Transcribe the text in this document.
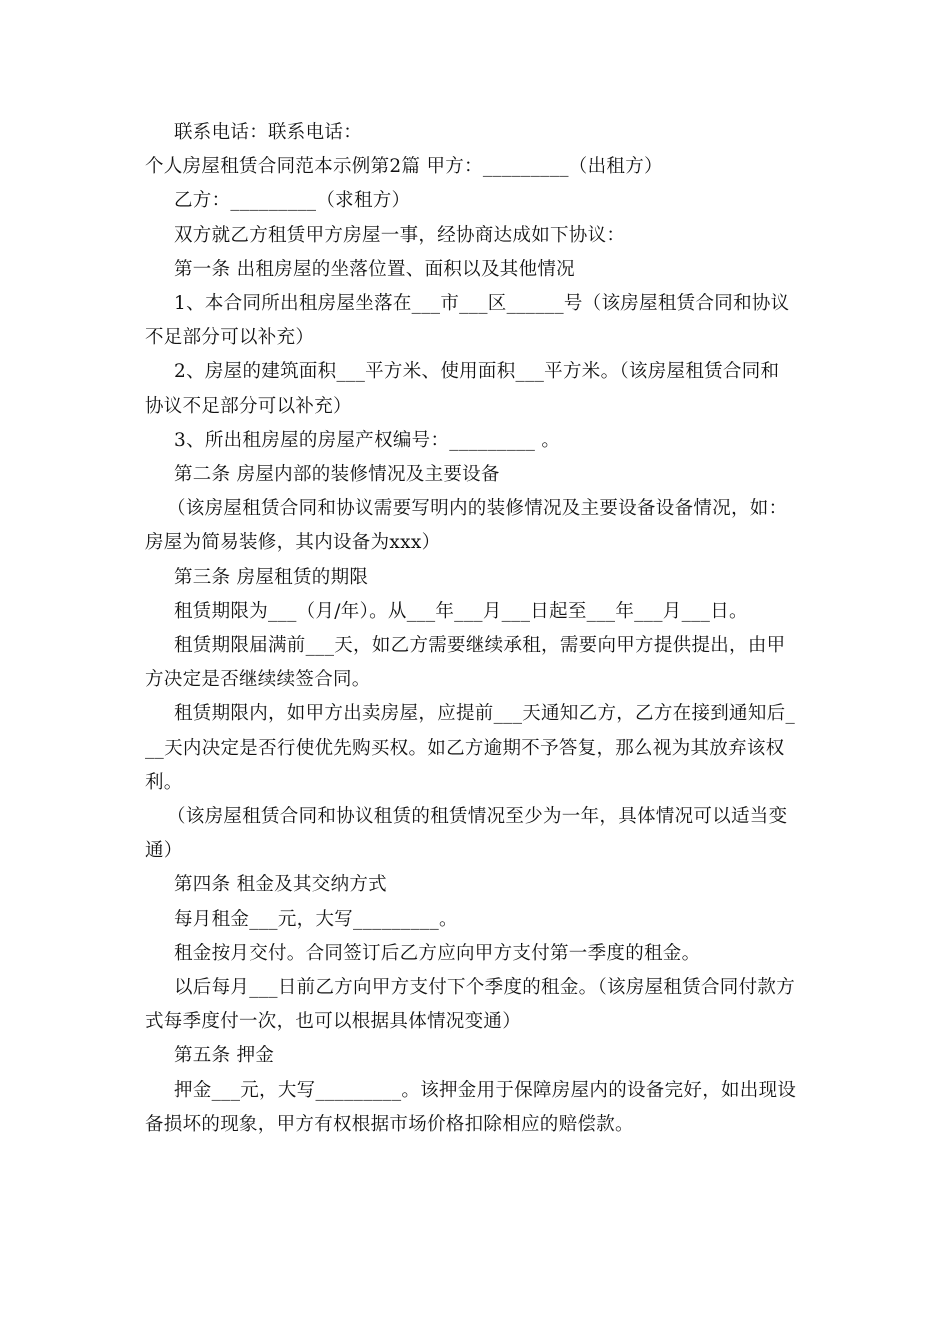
联系电话：联系电话：
个人房屋租赁合同范本示例第2篇 甲方：_________（出租方）
乙方：_________（求租方）
双方就乙方租赁甲方房屋一事，经协商达成如下协议：
第一条 出租房屋的坐落位置、面积以及其他情况
1、本合同所出租房屋坐落在___市___区______号（该房屋租赁合同和协议
不足部分可以补充）
2、房屋的建筑面积___平方米、使用面积___平方米。（该房屋租赁合同和
协议不足部分可以补充）
3、所出租房屋的房屋产权编号：_________ 。
第二条 房屋内部的装修情况及主要设备
（该房屋租赁合同和协议需要写明内的装修情况及主要设备设备情况，如：
房屋为简易装修，其内设备为xxx）
第三条 房屋租赁的期限
租赁期限为___（月/年）。从___年___月___日起至___年___月___日。
租赁期限届满前___天，如乙方需要继续承租，需要向甲方提供提出，由甲
方决定是否继续续签合同。
租赁期限内，如甲方出卖房屋，应提前___天通知乙方，乙方在接到通知后_
__天内决定是否行使优先购买权。如乙方逾期不予答复，那么视为其放弃该权
利。
（该房屋租赁合同和协议租赁的租赁情况至少为一年，具体情况可以适当变
通）
第四条 租金及其交纳方式
每月租金___元，大写_________。
租金按月交付。合同签订后乙方应向甲方支付第一季度的租金。
以后每月___日前乙方向甲方支付下个季度的租金。（该房屋租赁合同付款方
式每季度付一次，也可以根据具体情况变通）
第五条 押金
押金___元，大写_________。该押金用于保障房屋内的设备完好，如出现设
备损坏的现象，甲方有权根据市场价格扣除相应的赔偿款。
